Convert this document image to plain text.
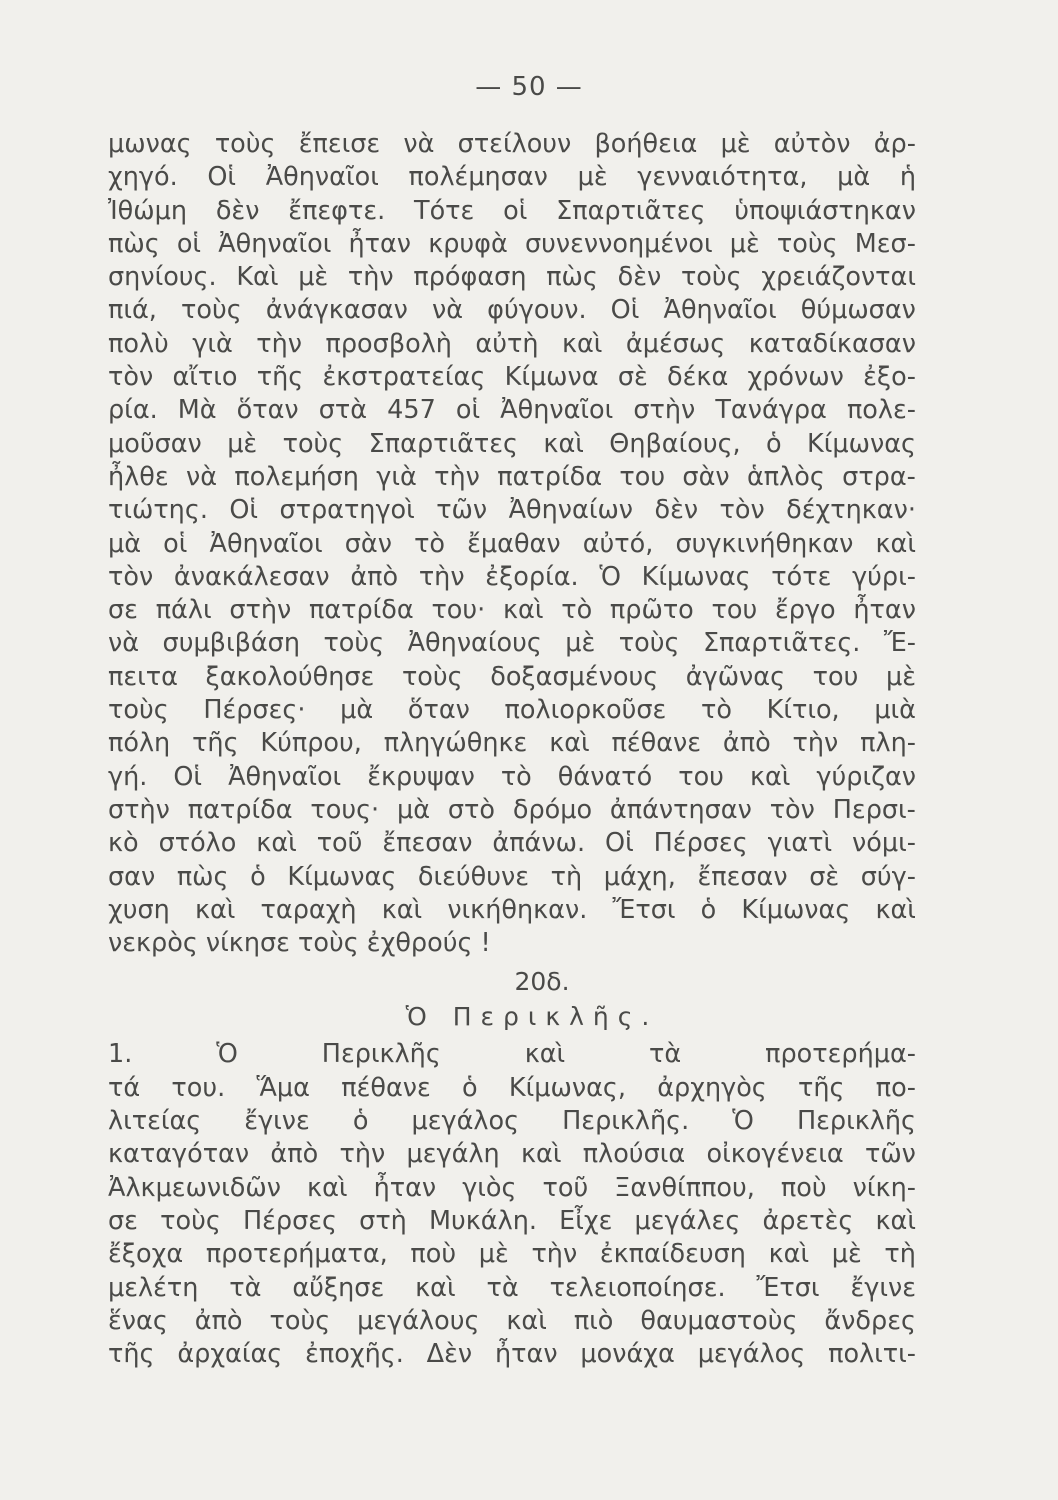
— 50 —
μωνας τοὺς ἔπεισε νὰ στείλουν βοήθεια μὲ αὐτὸν ἀρ-
χηγό. Οἱ Ἀθηναῖοι πολέμησαν μὲ γενναιότητα, μὰ ἡ
Ἰθώμη δὲν ἔπεφτε. Τότε οἱ Σπαρτιᾶτες ὑποψιάστηκαν
πὼς οἱ Ἀθηναῖοι ἦταν κρυφὰ συνεννοημένοι μὲ τοὺς Μεσ-
σηνίους. Καὶ μὲ τὴν πρόφαση πὼς δὲν τοὺς χρειάζονται
πιά, τοὺς ἀνάγκασαν νὰ φύγουν. Οἱ Ἀθηναῖοι θύμωσαν
πολὺ γιὰ τὴν προσβολὴ αὐτὴ καὶ ἀμέσως καταδίκασαν
τὸν αἴτιο τῆς ἐκστρατείας Κίμωνα σὲ δέκα χρόνων ἐξο-
ρία. Μὰ ὅταν στὰ 457 οἱ Ἀθηναῖοι στὴν Τανάγρα πολε-
μοῦσαν μὲ τοὺς Σπαρτιᾶτες καὶ Θηβαίους, ὁ Κίμωνας
ἦλθε νὰ πολεμήση γιὰ τὴν πατρίδα του σὰν ἁπλὸς στρα-
τιώτης. Οἱ στρατηγοὶ τῶν Ἀθηναίων δὲν τὸν δέχτηκαν·
μὰ οἱ Ἀθηναῖοι σὰν τὸ ἔμαθαν αὐτό, συγκινήθηκαν καὶ
τὸν ἀνακάλεσαν ἀπὸ τὴν ἐξορία. Ὁ Κίμωνας τότε γύρι-
σε πάλι στὴν πατρίδα του· καὶ τὸ πρῶτο του ἔργο ἦταν
νὰ συμβιβάση τοὺς Ἀθηναίους μὲ τοὺς Σπαρτιᾶτες. Ἔ-
πειτα ξακολούθησε τοὺς δοξασμένους ἀγῶνας του μὲ
τοὺς Πέρσες· μὰ ὅταν πολιορκοῦσε τὸ Κίτιο, μιὰ
πόλη τῆς Κύπρου, πληγώθηκε καὶ πέθανε ἀπὸ τὴν πλη-
γή. Οἱ Ἀθηναῖοι ἔκρυψαν τὸ θάνατό του καὶ γύριζαν
στὴν πατρίδα τους· μὰ στὸ δρόμο ἀπάντησαν τὸν Περσι-
κὸ στόλο καὶ τοῦ ἔπεσαν ἀπάνω. Οἱ Πέρσες γιατὶ νόμι-
σαν πὼς ὁ Κίμωνας διεύθυνε τὴ μάχη, ἔπεσαν σὲ σύγ-
χυση καὶ ταραχὴ καὶ νικήθηκαν. Ἔτσι ὁ Κίμωνας καὶ
νεκρὸς νίκησε τοὺς ἐχθρούς !
20δ.
Ὁ Περικλῆς.
1.	Ὁ	Περικλῆς	καὶ	τὰ	προτερήμα-
τά του. Ἅμα πέθανε ὁ Κίμωνας, ἀρχηγὸς τῆς πο-
λιτείας ἔγινε ὁ μεγάλος Περικλῆς. Ὁ Περικλῆς
καταγόταν ἀπὸ τὴν μεγάλη καὶ πλούσια οἰκογένεια τῶν
Ἀλκμεωνιδῶν καὶ ἦταν γιὸς τοῦ Ξανθίππου, ποὺ νίκη-
σε τοὺς Πέρσες στὴ Μυκάλη. Εἶχε μεγάλες ἀρετὲς καὶ
ἔξοχα προτερήματα, ποὺ μὲ τὴν ἐκπαίδευση καὶ μὲ τὴ
μελέτη τὰ αὔξησε καὶ τὰ τελειοποίησε. Ἔτσι ἔγινε
ἕνας ἀπὸ τοὺς μεγάλους καὶ πιὸ θαυμαστοὺς ἄνδρες
τῆς ἀρχαίας ἐποχῆς. Δὲν ἦταν μονάχα μεγάλος πολιτι-
